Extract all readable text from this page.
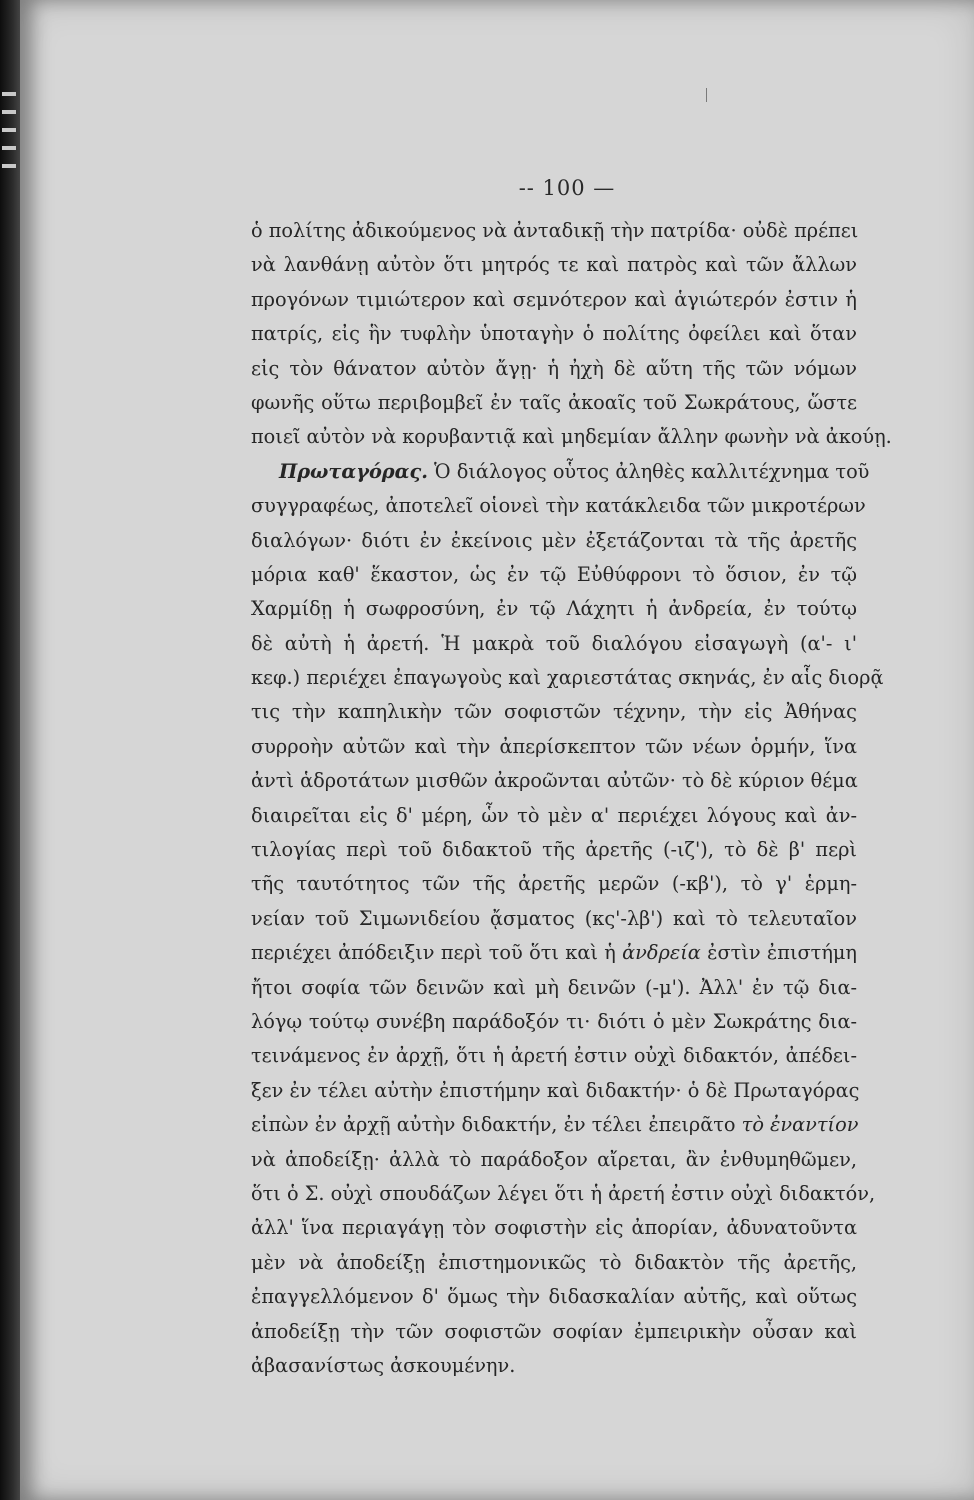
-- 100 —
ὁ πολίτης ἀδικούμενος νὰ ἀνταδικῇ τὴν πατρίδα· οὐδὲ πρέπει
νὰ λανθάνῃ αὐτὸν ὅτι μητρός τε καὶ πατρὸς καὶ τῶν ἄλλων
προγόνων τιμιώτερον καὶ σεμνότερον καὶ ἁγιώτερόν ἐστιν ἡ
πατρίς, εἰς ἣν τυφλὴν ὑποταγὴν ὁ πολίτης ὀφείλει καὶ ὅταν
εἰς τὸν θάνατον αὐτὸν ἄγῃ· ἡ ἠχὴ δὲ αὕτη τῆς τῶν νόμων
φωνῆς οὕτω περιβομβεῖ ἐν ταῖς ἀκοαῖς τοῦ Σωκράτους, ὥστε
ποιεῖ αὐτὸν νὰ κορυβαντιᾷ καὶ μηδεμίαν ἄλλην φωνὴν νὰ ἀκούῃ.
Πρωταγόρας. Ὁ διάλογος οὗτος ἀληθὲς καλλιτέχνημα τοῦ
συγγραφέως, ἀποτελεῖ οἱονεὶ τὴν κατάκλειδα τῶν μικροτέρων
διαλόγων· διότι ἐν ἐκείνοις μὲν ἐξετάζονται τὰ τῆς ἀρετῆς
μόρια καθ' ἕκαστον, ὡς ἐν τῷ Εὐθύφρονι τὸ ὅσιον, ἐν τῷ
Χαρμίδῃ ἡ σωφροσύνη, ἐν τῷ Λάχητι ἡ ἀνδρεία, ἐν τούτῳ
δὲ αὐτὴ ἡ ἀρετή. Ἡ μακρὰ τοῦ διαλόγου εἰσαγωγὴ (α'- ι'
κεφ.) περιέχει ἐπαγωγοὺς καὶ χαριεστάτας σκηνάς, ἐν αἷς διορᾷ
τις τὴν καπηλικὴν τῶν σοφιστῶν τέχνην, τὴν εἰς Ἀθήνας
συρροὴν αὐτῶν καὶ τὴν ἀπερίσκεπτον τῶν νέων ὁρμήν, ἵνα
ἀντὶ ἁδροτάτων μισθῶν ἀκροῶνται αὐτῶν· τὸ δὲ κύριον θέμα
διαιρεῖται εἰς δ' μέρη, ὧν τὸ μὲν α' περιέχει λόγους καὶ ἀν-
τιλογίας περὶ τοῦ διδακτοῦ τῆς ἀρετῆς (-ιζ'), τὸ δὲ β' περὶ
τῆς ταυτότητος τῶν τῆς ἀρετῆς μερῶν (-κβ'), τὸ γ' ἑρμη-
νείαν τοῦ Σιμωνιδείου ᾄσματος (κς'-λβ') καὶ τὸ τελευταῖον
περιέχει ἀπόδειξιν περὶ τοῦ ὅτι καὶ ἡ ἀνδρεία ἐστὶν ἐπιστήμη
ἤτοι σοφία τῶν δεινῶν καὶ μὴ δεινῶν (-μ'). Ἀλλ' ἐν τῷ δια-
λόγῳ τούτῳ συνέβη παράδοξόν τι· διότι ὁ μὲν Σωκράτης δια-
τεινάμενος ἐν ἀρχῇ, ὅτι ἡ ἀρετή ἐστιν οὐχὶ διδακτόν, ἀπέδει-
ξεν ἐν τέλει αὐτὴν ἐπιστήμην καὶ διδακτήν· ὁ δὲ Πρωταγόρας
εἰπὼν ἐν ἀρχῇ αὐτὴν διδακτήν, ἐν τέλει ἐπειρᾶτο τὸ ἐναντίον
νὰ ἀποδείξῃ· ἀλλὰ τὸ παράδοξον αἴρεται, ἂν ἐνθυμηθῶμεν,
ὅτι ὁ Σ. οὐχὶ σπουδάζων λέγει ὅτι ἡ ἀρετή ἐστιν οὐχὶ διδακτόν,
ἀλλ' ἵνα περιαγάγῃ τὸν σοφιστὴν εἰς ἀπορίαν, ἀδυνατοῦντα
μὲν νὰ ἀποδείξῃ ἐπιστημονικῶς τὸ διδακτὸν τῆς ἀρετῆς,
ἐπαγγελλόμενον δ' ὅμως τὴν διδασκαλίαν αὐτῆς, καὶ οὕτως
ἀποδείξῃ τὴν τῶν σοφιστῶν σοφίαν ἐμπειρικὴν οὖσαν καὶ
ἀβασανίστως ἀσκουμένην.
